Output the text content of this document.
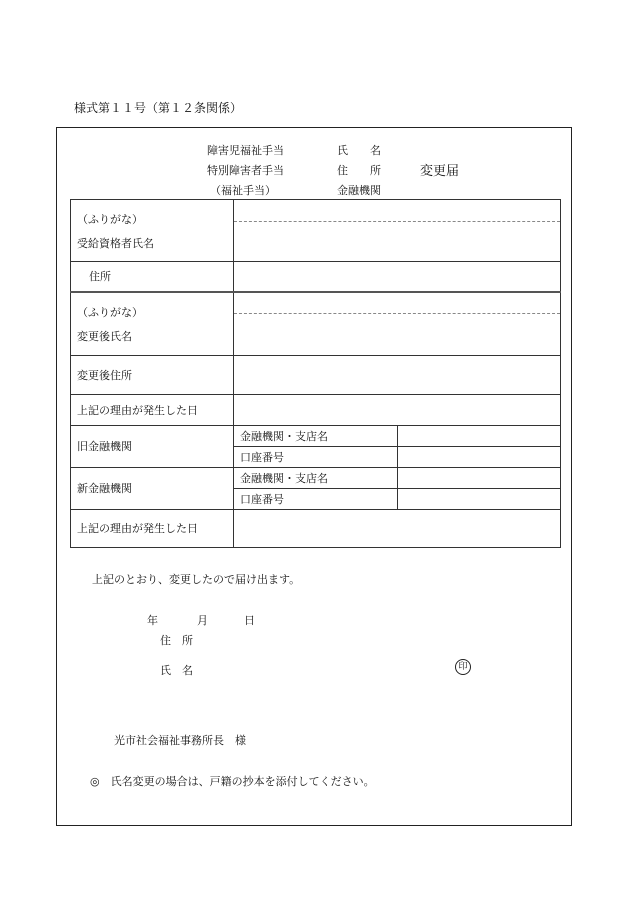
様式第１１号（第１２条関係）
障害児福祉手当
特別障害者手当
（福祉手当）
氏　　名
住　　所
金融機関
変更届
（ふりがな）
受給資格者氏名		

住所		

（ふりがな）
変更後氏名		

変更後住所		
上記の理由が発生した日		
旧金融機関	金融機関・支店名	
	口座番号	
新金融機関	金融機関・支店名	
	口座番号	
上記の理由が発生した日		
上記のとおり、変更したので届け出ます。
年	月	日
住　所
氏　名	印
光市社会福祉事務所長　様
◎　氏名変更の場合は、戸籍の抄本を添付してください。
